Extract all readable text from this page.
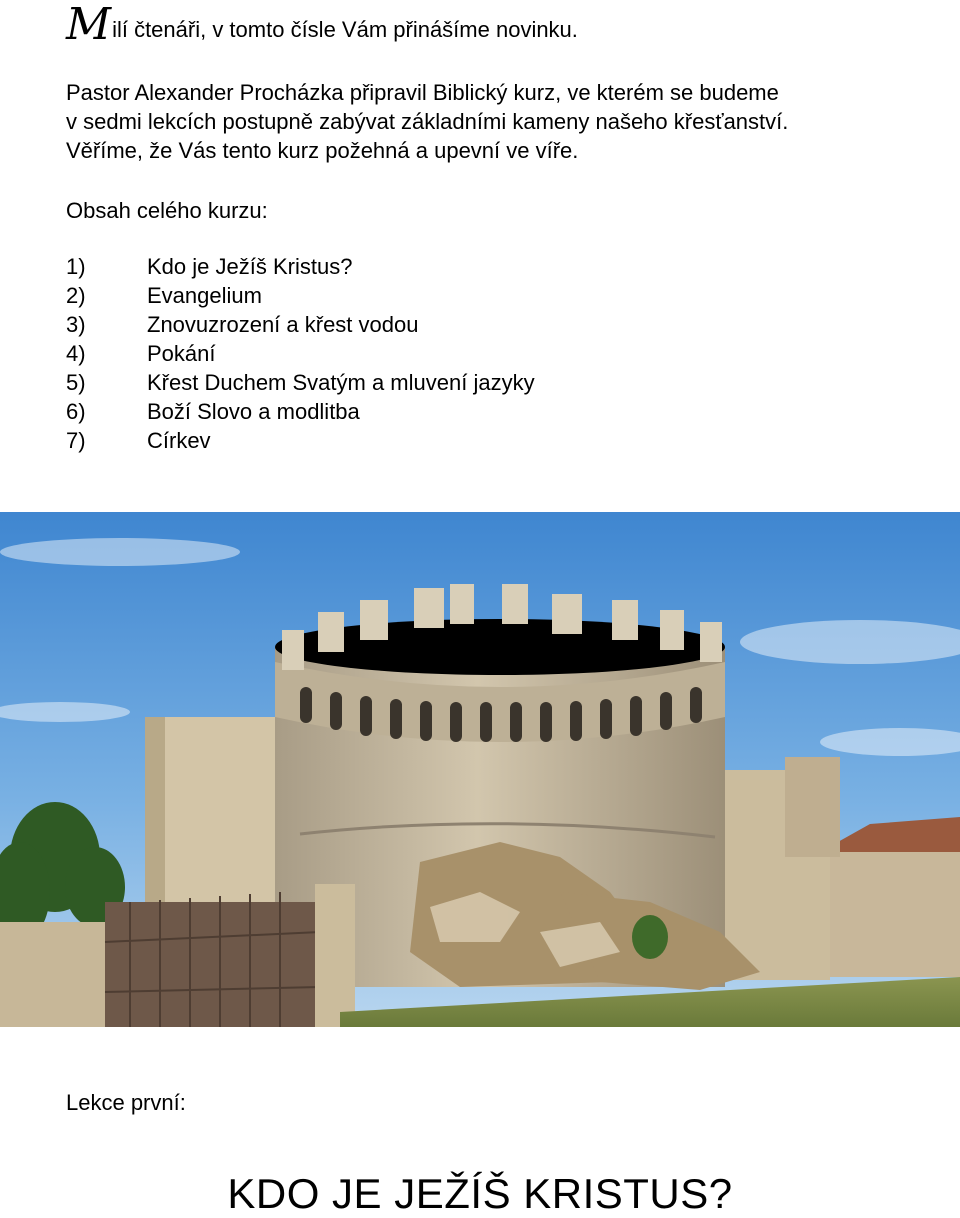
M ilí čtenáři, v tomto čísle Vám přinášíme novinku.

Pastor Alexander Procházka připravil Biblický kurz, ve kterém se budeme

v sedmi lekcích postupně zabývat základními kameny našeho křesťanství.

Věříme, že Vás tento kurz požehná a upevní ve víře.

Obsah celého kurzu:
1)	Kdo je Ježíš Kristus?
2)	Evangelium
3)	Znovuzrození a křest vodou
4)	Pokání
5)	Křest Duchem Svatým a mluvení jazyky
6)	Boží Slovo a modlitba
7)	Církev
Lekce první:
KDO JE JEŽÍŠ KRISTUS?
